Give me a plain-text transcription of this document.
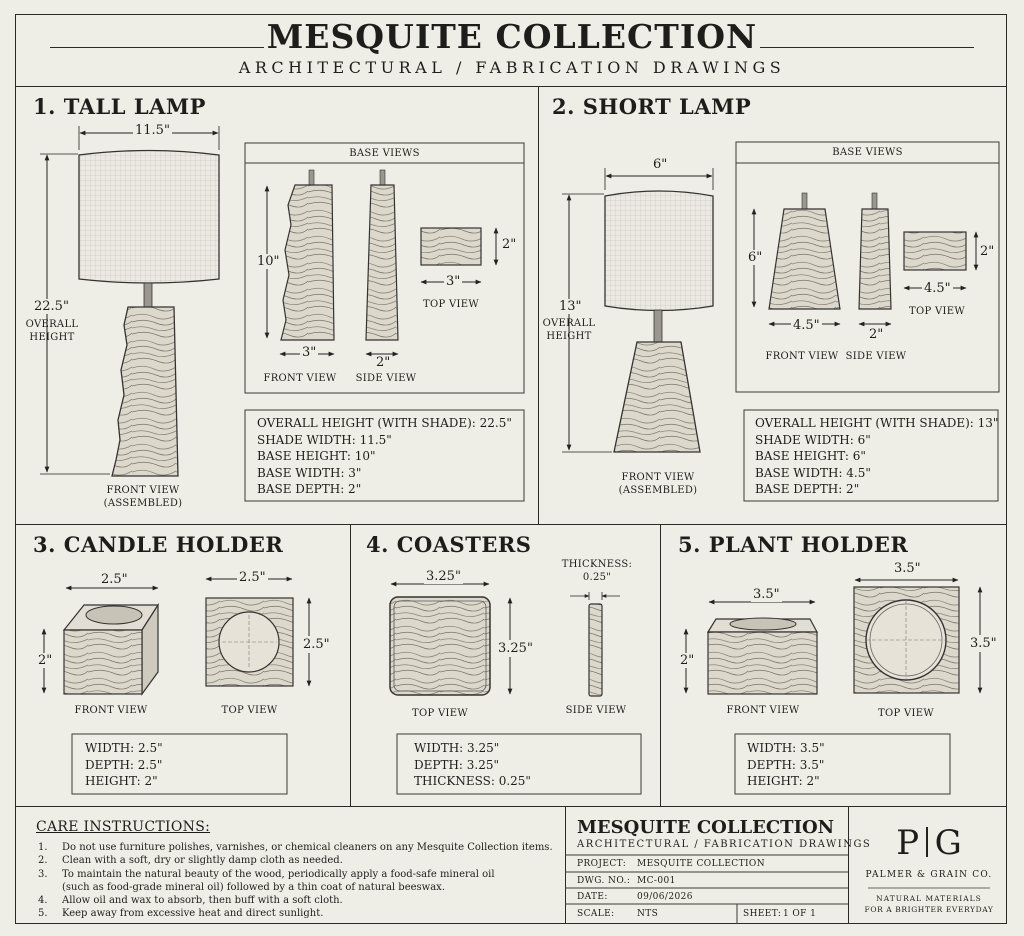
MESQUITE COLLECTION
ARCHITECTURAL / FABRICATION DRAWINGS
1. TALL LAMP
11.5"
22.5"
OVERALL
HEIGHT
FRONT VIEW
(ASSEMBLED)
BASE VIEWS
10"
3"
2"
2"
3"
FRONT VIEW	SIDE VIEW
TOP VIEW
OVERALL HEIGHT (WITH SHADE): 22.5"
SHADE WIDTH: 11.5"
BASE HEIGHT: 10"
BASE WIDTH: 3"
BASE DEPTH: 2"
2. SHORT LAMP
6"
13"
OVERALL
HEIGHT
FRONT VIEW
(ASSEMBLED)
BASE VIEWS
6"
4.5"
2"
2"
4.5"
FRONT VIEW SIDE VIEW
TOP VIEW
OVERALL HEIGHT (WITH SHADE): 13"
SHADE WIDTH: 6"
BASE HEIGHT: 6"
BASE WIDTH: 4.5"
BASE DEPTH: 2"
3. CANDLE HOLDER
2.5"
2"
2.5"
2.5"
FRONT VIEW	TOP VIEW
WIDTH: 2.5"
DEPTH: 2.5"
HEIGHT: 2"
4. COASTERS
3.25"
3.25"
THICKNESS:
0.25"
TOP VIEW	SIDE VIEW
WIDTH: 3.25"
DEPTH: 3.25"
THICKNESS: 0.25"
5. PLANT HOLDER
3.5"
2"
3.5"
3.5"
FRONT VIEW	TOP VIEW
WIDTH: 3.5"
DEPTH: 3.5"
HEIGHT: 2"
CARE INSTRUCTIONS:
1.	Do not use furniture polishes, varnishes, or chemical cleaners on any Mesquite Collection items.
2.	Clean with a soft, dry or slightly damp cloth as needed.
3.	To maintain the natural beauty of the wood, periodically apply a food-safe mineral oil
(such as food-grade mineral oil) followed by a thin coat of natural beeswax.
4.	Allow oil and wax to absorb, then buff with a soft cloth.
5.	Keep away from excessive heat and direct sunlight.
MESQUITE COLLECTION
ARCHITECTURAL / FABRICATION DRAWINGS
PROJECT: MESQUITE COLLECTION
DWG. NO.: MC-001
DATE:	09/06/2026
SCALE: NTS	SHEET: 1 OF 1
P G
PALMER & GRAIN CO.
NATURAL MATERIALS
FOR A BRIGHTER EVERYDAY
